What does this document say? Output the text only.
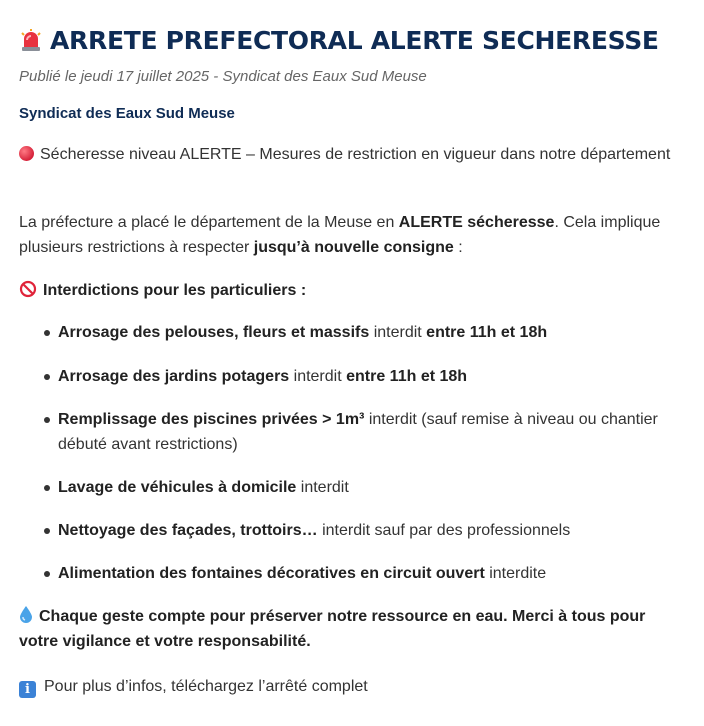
ARRETE PREFECTORAL ALERTE SECHERESSE
Publié le jeudi 17 juillet 2025 - Syndicat des Eaux Sud Meuse
Syndicat des Eaux Sud Meuse
Sécheresse niveau ALERTE – Mesures de restriction en vigueur dans notre département
La préfecture a placé le département de la Meuse en ALERTE sécheresse. Cela implique plusieurs restrictions à respecter jusqu’à nouvelle consigne :
Interdictions pour les particuliers :
Arrosage des pelouses, fleurs et massifs interdit entre 11h et 18h
Arrosage des jardins potagers interdit entre 11h et 18h
Remplissage des piscines privées > 1m³ interdit (sauf remise à niveau ou chantier débuté avant restrictions)
Lavage de véhicules à domicile interdit
Nettoyage des façades, trottoirs… interdit sauf par des professionnels
Alimentation des fontaines décoratives en circuit ouvert interdite
Chaque geste compte pour préserver notre ressource en eau. Merci à tous pour votre vigilance et votre responsabilité.
i Pour plus d’infos, téléchargez l’arrêté complet
